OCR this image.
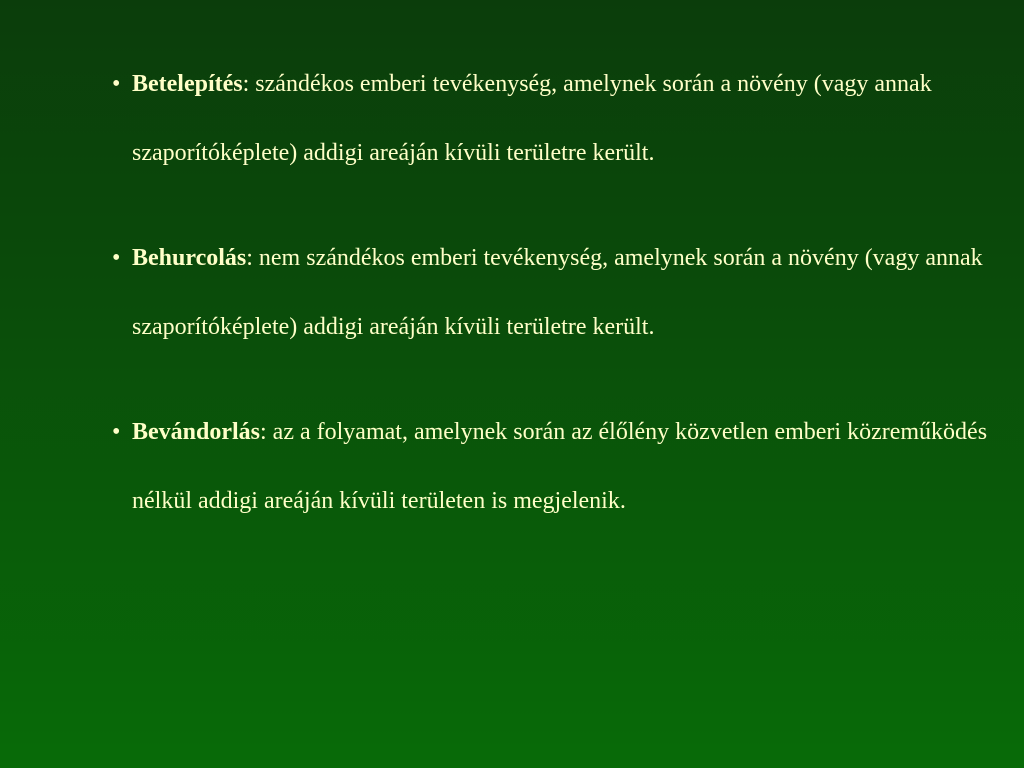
• Betelepítés: szándékos emberi tevékenység, amelynek során a növény (vagy annak szaporítóképlete) addigi areáján kívüli területre került.
• Behurcolás: nem szándékos emberi tevékenység, amelynek során a növény (vagy annak szaporítóképlete) addigi areáján kívüli területre került.
• Bevándorlás: az a folyamat, amelynek során az élőlény közvetlen emberi közreműködés nélkül addigi areáján kívüli területen is megjelenik.
